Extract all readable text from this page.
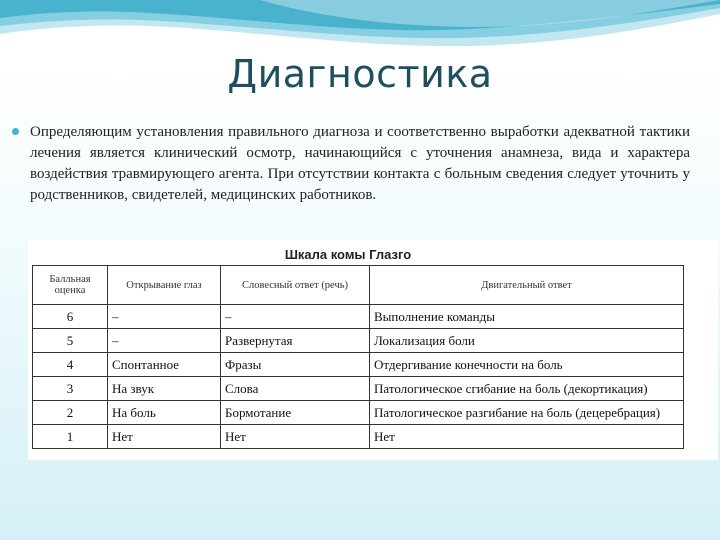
Диагностика
Определяющим установления правильного диагноза и соответственно выработки адекватной тактики лечения является клинический осмотр, начинающийся с уточнения анамнеза, вида и характера воздействия травмирующего агента. При отсутствии контакта с больным сведения следует уточнить у родственников, свидетелей, медицинских работников.
Шкала комы Глазго
Балльная оценка	Открывание глаз	Словесный ответ (речь)	Двигательный ответ
6	–	–	Выполнение команды
5	–	Развернутая	Локализация боли
4	Спонтанное	Фразы	Отдергивание конечности на боль
3	На звук	Слова	Патологическое сгибание на боль (декортикация)
2	На боль	Бормотание	Патологическое разгибание на боль (децеребрация)
1	Нет	Нет	Нет
